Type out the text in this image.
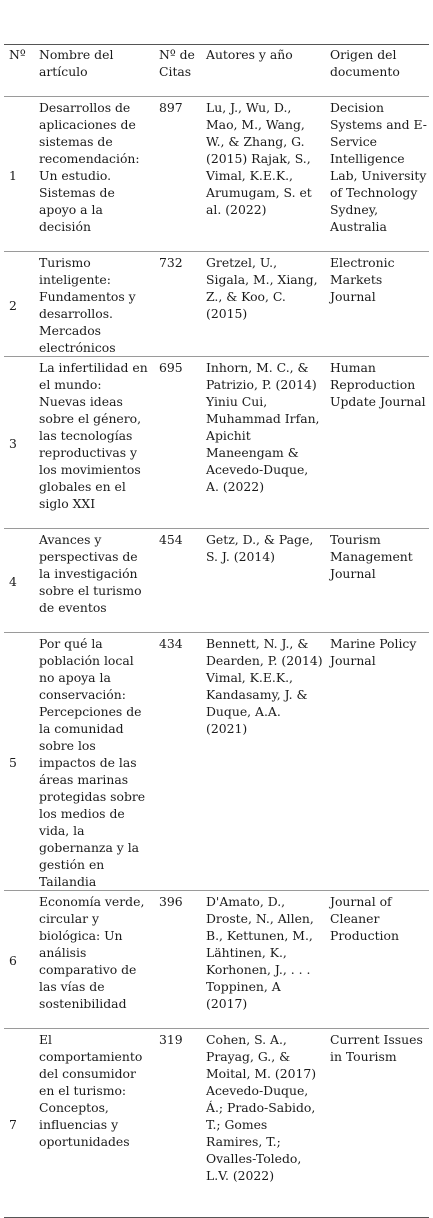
Nº	Nombre del artículo	Nº de Citas	Autores y año	Origen del documento
1	Desarrollos de aplicaciones de sistemas de recomendación: Un estudio. Sistemas de apoyo a la decisión	897	Lu, J., Wu, D., Mao, M., Wang, W., & Zhang, G. (2015) Rajak, S., Vimal, K.E.K., Arumugam, S. et al. (2022)	Decision Systems and E-Service Intelligence Lab, University of Technology Sydney, Australia
2	Turismo inteligente: Fundamentos y desarrollos. Mercados electrónicos	732	Gretzel, U., Sigala, M., Xiang, Z., & Koo, C. (2015)	Electronic Markets Journal
3	La infertilidad en el mundo: Nuevas ideas sobre el género, las tecnologías reproductivas y los movimientos globales en el siglo XXI	695	Inhorn, M. C., & Patrizio, P. (2014) Yiniu Cui, Muhammad Irfan, Apichit Maneengam & Acevedo-Duque, A. (2022)	Human Reproduction Update Journal
4	Avances y perspectivas de la investigación sobre el turismo de eventos	454	Getz, D., & Page, S. J. (2014)	Tourism Management Journal
5	Por qué la población local no apoya la conservación: Percepciones de la comunidad sobre los impactos de las áreas marinas protegidas sobre los medios de vida, la gobernanza y la gestión en Tailandia	434	Bennett, N. J., & Dearden, P. (2014) Vimal, K.E.K., Kandasamy, J. & Duque, A.A. (2021)	Marine Policy Journal
6	Economía verde, circular y biológica: Un análisis comparativo de las vías de sostenibilidad	396	D'Amato, D., Droste, N., Allen, B., Kettunen, M., Lähtinen, K., Korhonen, J., . . . Toppinen, A (2017)	Journal of Cleaner Production
7	El comportamiento del consumidor en el turismo: Conceptos, influencias y oportunidades	319	Cohen, S. A., Prayag, G., & Moital, M. (2017) Acevedo-Duque, Á.; Prado-Sabido, T.; Gomes Ramires, T.; Ovalles-Toledo, L.V. (2022)	Current Issues in Tourism
